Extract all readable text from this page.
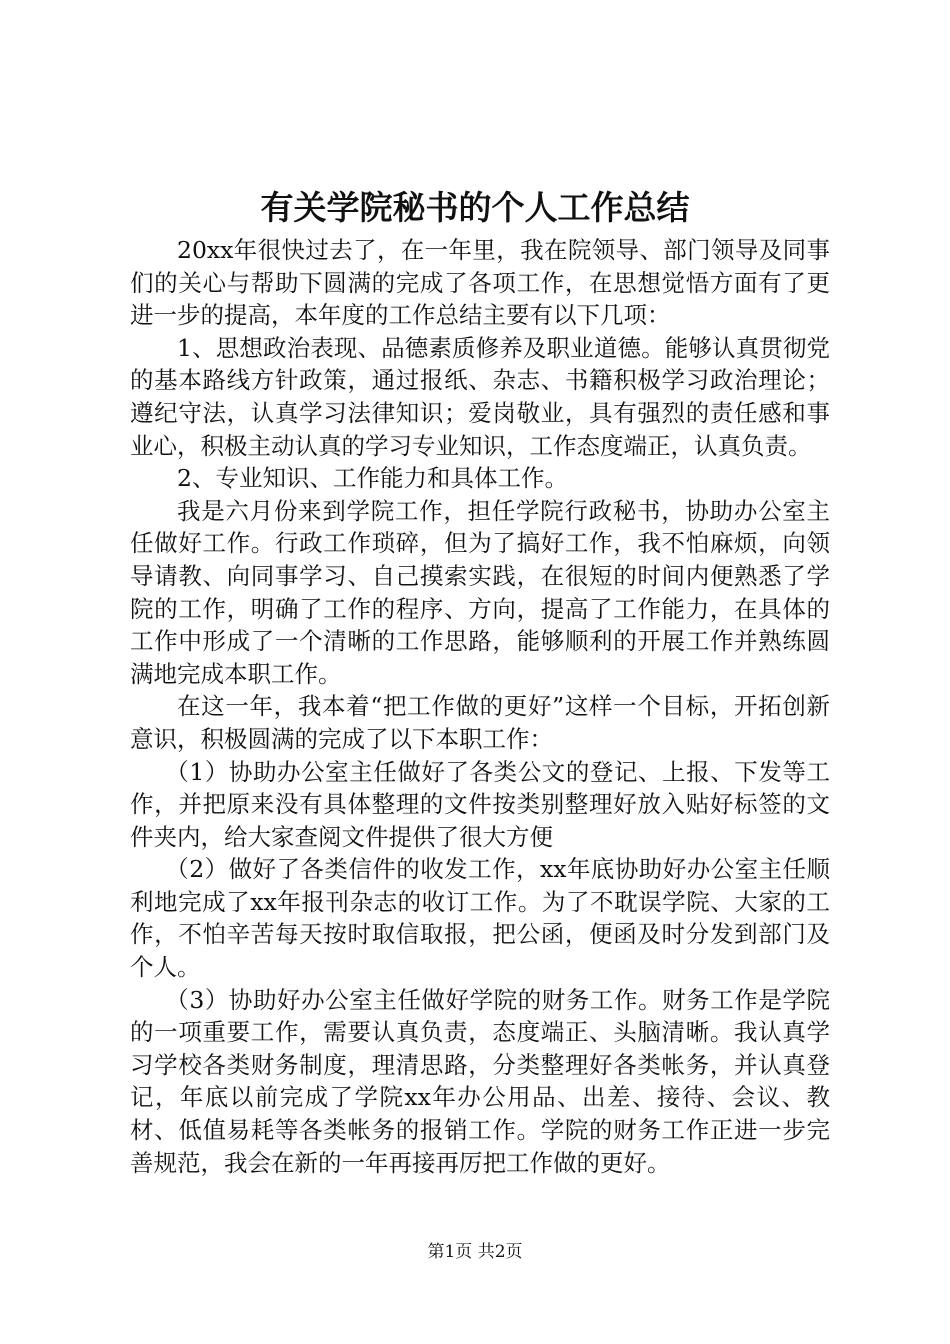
有关学院秘书的个人工作总结

20xx年很快过去了，在一年里，我在院领导、部门领导及同事们的关心与帮助下圆满的完成了各项工作，在思想觉悟方面有了更进一步的提高，本年度的工作总结主要有以下几项：

1、思想政治表现、品德素质修养及职业道德。能够认真贯彻党的基本路线方针政策，通过报纸、杂志、书籍积极学习政治理论；遵纪守法，认真学习法律知识；爱岗敬业，具有强烈的责任感和事业心，积极主动认真的学习专业知识，工作态度端正，认真负责。

2、专业知识、工作能力和具体工作。

我是六月份来到学院工作，担任学院行政秘书，协助办公室主任做好工作。行政工作琐碎，但为了搞好工作，我不怕麻烦，向领导请教、向同事学习、自己摸索实践，在很短的时间内便熟悉了学院的工作，明确了工作的程序、方向，提高了工作能力，在具体的工作中形成了一个清晰的工作思路，能够顺利的开展工作并熟练圆满地完成本职工作。

在这一年，我本着“把工作做的更好”这样一个目标，开拓创新意识，积极圆满的完成了以下本职工作：

（1）协助办公室主任做好了各类公文的登记、上报、下发等工作，并把原来没有具体整理的文件按类别整理好放入贴好标签的文件夹内，给大家查阅文件提供了很大方便

（2）做好了各类信件的收发工作，xx年底协助好办公室主任顺利地完成了xx年报刊杂志的收订工作。为了不耽误学院、大家的工作，不怕辛苦每天按时取信取报，把公函，便函及时分发到部门及个人。

（3）协助好办公室主任做好学院的财务工作。财务工作是学院的一项重要工作，需要认真负责，态度端正、头脑清晰。我认真学习学校各类财务制度，理清思路，分类整理好各类帐务，并认真登记，年底以前完成了学院xx年办公用品、出差、接待、会议、教材、低值易耗等各类帐务的报销工作。学院的财务工作正进一步完善规范，我会在新的一年再接再厉把工作做的更好。

第1页 共2页
